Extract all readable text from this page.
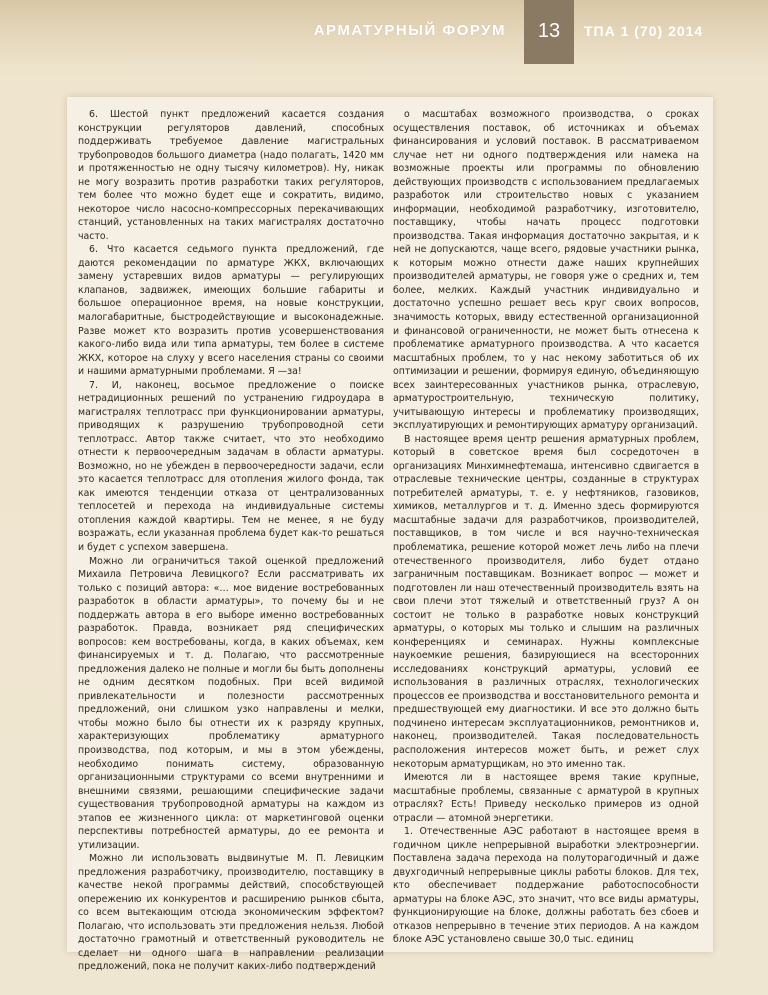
АРМАТУРНЫЙ ФОРУМ	13	ТПА 1 (70) 2014

6. Шестой пункт предложений касается создания конструкции регуляторов давлений, способных поддерживать требуемое давление магистральных трубопроводов большого диаметра (надо полагать, 1420 мм и протяженностью не одну тысячу километров). Ну, никак не могу возразить против разработки таких регуляторов, тем более что можно будет еще и сократить, видимо, некоторое число насосно-компрессорных перекачивающих станций, установленных на таких магистралях достаточно часто.

6. Что касается седьмого пункта предложений, где даются рекомендации по арматуре ЖКХ, включающих замену устаревших видов арматуры — регулирующих клапанов, задвижек, имеющих большие габариты и большое операционное время, на новые конструкции, малогабаритные, быстродействующие и высоконадежные. Разве может кто возразить против усовершенствования какого-либо вида или типа арматуры, тем более в системе ЖКХ, которое на слуху у всего населения страны со своими и нашими арматурными проблемами. Я —за!

7. И, наконец, восьмое предложение о поиске нетрадиционных решений по устранению гидроудара в магистралях теплотрасс при функционировании арматуры, приводящих к разрушению трубопроводной сети теплотрасс. Автор также считает, что это необходимо отнести к первоочередным задачам в области арматуры. Возможно, но не убежден в первоочередности задачи, если это касается теплотрасс для отопления жилого фонда, так как имеются тенденции отказа от централизованных теплосетей и перехода на индивидуальные системы отопления каждой квартиры. Тем не менее, я не буду возражать, если указанная проблема будет как-то решаться и будет с успехом завершена.

Можно ли ограничиться такой оценкой предложений Михаила Петровича Левицкого? Если рассматривать их только с позиций автора: «… мое видение востребованных разработок в области арматуры», то почему бы и не поддержать автора в его выборе именно востребованных разработок. Правда, возникает ряд специфических вопросов: кем востребованы, когда, в каких объемах, кем финансируемых и т. д. Полагаю, что рассмотренные предложения далеко не полные и могли бы быть дополнены не одним десятком подобных. При всей видимой привлекательности и полезности рассмотренных предложений, они слишком узко направлены и мелки, чтобы можно было бы отнести их к разряду крупных, характеризующих проблематику арматурного производства, под которым, и мы в этом убеждены, необходимо понимать систему, образованную организационными структурами со всеми внутренними и внешними связями, решающими специфические задачи существования трубопроводной арматуры на каждом из этапов ее жизненного цикла: от маркетинговой оценки перспективы потребностей арматуры, до ее ремонта и утилизации.

Можно ли использовать выдвинутые М. П. Левицким предложения разработчику, производителю, поставщику в качестве некой программы действий, способствующей опережению их конкурентов и расширению рынков сбыта, со всем вытекающим отсюда экономическим эффектом? Полагаю, что использовать эти предложения нельзя. Любой достаточно грамотный и ответственный руководитель не сделает ни одного шага в направлении реализации предложений, пока не получит каких-либо подтверждений

о масштабах возможного производства, о сроках осуществления поставок, об источниках и объемах финансирования и условий поставок. В рассматриваемом случае нет ни одного подтверждения или намека на возможные проекты или программы по обновлению действующих производств с использованием предлагаемых разработок или строительство новых с указанием информации, необходимой разработчику, изготовителю, поставщику, чтобы начать процесс подготовки производства. Такая информация достаточно закрытая, и к ней не допускаются, чаще всего, рядовые участники рынка, к которым можно отнести даже наших крупнейших производителей арматуры, не говоря уже о средних и, тем более, мелких. Каждый участник индивидуально и достаточно успешно решает весь круг своих вопросов, значимость которых, ввиду естественной организационной и финансовой ограниченности, не может быть отнесена к проблематике арматурного производства. А что касается масштабных проблем, то у нас некому заботиться об их оптимизации и решении, формируя единую, объединяющую всех заинтересованных участников рынка, отраслевую, арматуростроительную, техническую политику, учитывающую интересы и проблематику производящих, эксплуатирующих и ремонтирующих арматуру организаций.

В настоящее время центр решения арматурных проблем, который в советское время был сосредоточен в организациях Минхимнефтемаша, интенсивно сдвигается в отраслевые технические центры, созданные в структурах потребителей арматуры, т. е. у нефтяников, газовиков, химиков, металлургов и т. д. Именно здесь формируются масштабные задачи для разработчиков, производителей, поставщиков, в том числе и вся научно-техническая проблематика, решение которой может лечь либо на плечи отечественного производителя, либо будет отдано заграничным поставщикам. Возникает вопрос — может и подготовлен ли наш отечественный производитель взять на свои плечи этот тяжелый и ответственный груз? А он состоит не только в разработке новых конструкций арматуры, о которых мы только и слышим на различных конференциях и семинарах. Нужны комплексные наукоемкие решения, базирующиеся на всесторонних исследованиях конструкций арматуры, условий ее использования в различных отраслях, технологических процессов ее производства и восстановительного ремонта и предшествующей ему диагностики. И все это должно быть подчинено интересам эксплуатационников, ремонтников и, наконец, производителей. Такая последовательность расположения интересов может быть, и режет слух некоторым арматурщикам, но это именно так.

Имеются ли в настоящее время такие крупные, масштабные проблемы, связанные с арматурой в крупных отраслях? Есть! Приведу несколько примеров из одной отрасли — атомной энергетики.

1. Отечественные АЭС работают в настоящее время в годичном цикле непрерывной выработки электроэнергии. Поставлена задача перехода на полуторагодичный и даже двухгодичный непрерывные циклы работы блоков. Для тех, кто обеспечивает поддержание работоспособности арматуры на блоке АЭС, это значит, что все виды арматуры, функционирующие на блоке, должны работать без сбоев и отказов непрерывно в течение этих периодов. А на каждом блоке АЭС установлено свыше 30,0 тыс. единиц
